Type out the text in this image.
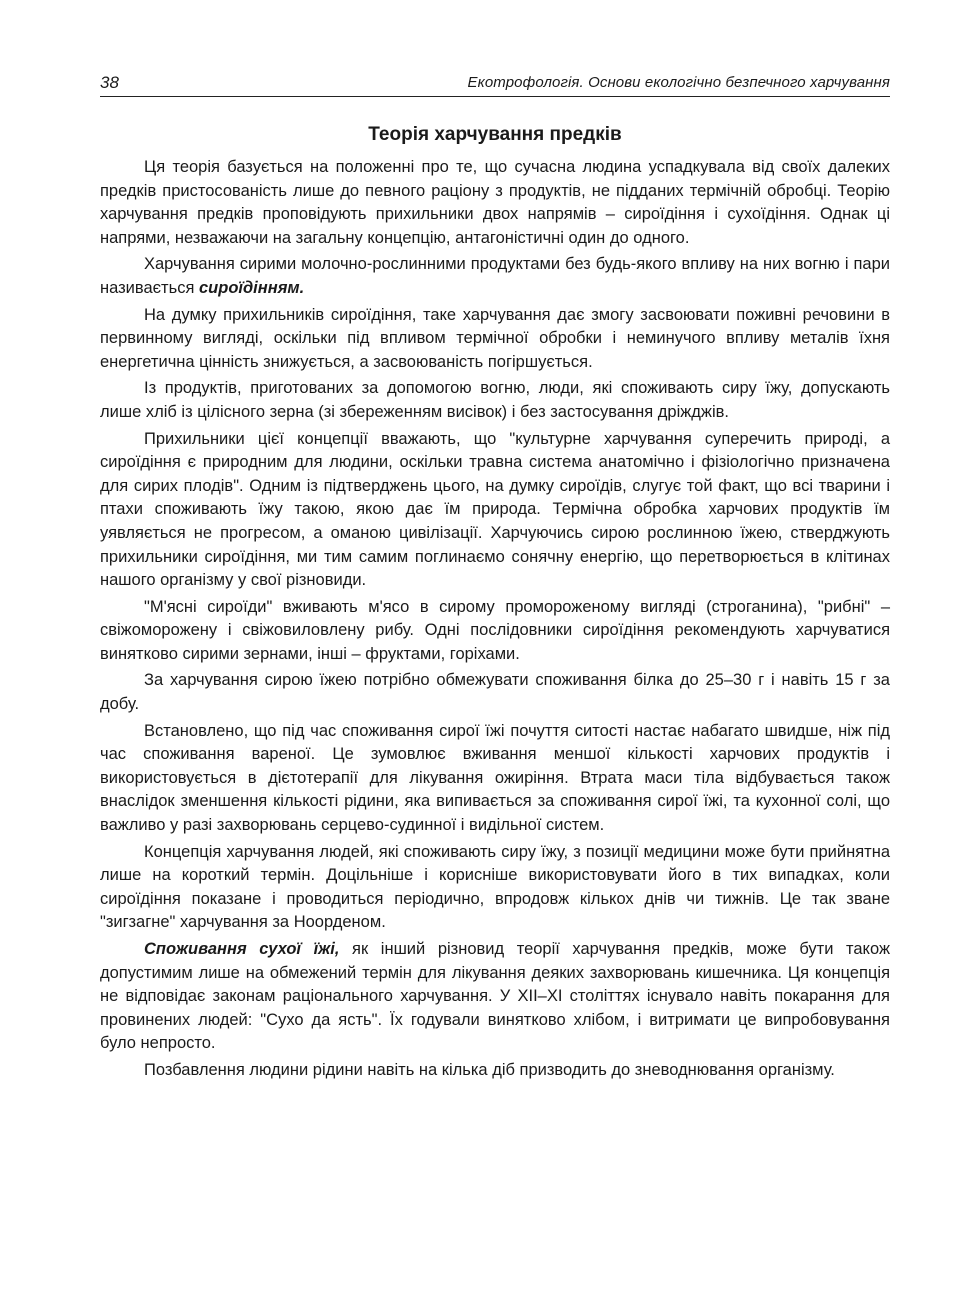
38	Екотрофологія. Основи екологічно безпечного харчування
Теорія харчування предків

Ця теорія базується на положенні про те, що сучасна людина успадкувала від своїх далеких предків пристосованість лише до певного раціону з продуктів, не підданих термічній обробці. Теорію харчування предків проповідують прихильники двох напрямів – сироїдіння і сухоїдіння. Однак ці напрями, незважаючи на загальну концепцію, антагоністичні один до одного.

Харчування сирими молочно-рослинними продуктами без будь-якого впливу на них вогню і пари називається сироїдінням.

На думку прихильників сироїдіння, таке харчування дає змогу засвоювати поживні речовини в первинному вигляді, оскільки під впливом термічної обробки і неминучого впливу металів їхня енергетична цінність знижується, а засвоюваність погіршується.

Із продуктів, приготованих за допомогою вогню, люди, які споживають сиру їжу, допускають лише хліб із цілісного зерна (зі збереженням висівок) і без застосування дріжджів.

Прихильники цієї концепції вважають, що "культурне харчування суперечить природі, а сироїдіння є природним для людини, оскільки травна система анатомічно і фізіологічно призначена для сирих плодів". Одним із підтверджень цього, на думку сироїдів, слугує той факт, що всі тварини і птахи споживають їжу такою, якою дає їм природа. Термічна обробка харчових продуктів їм уявляється не прогресом, а оманою цивілізації. Харчуючись сирою рослинною їжею, стверджують прихильники сироїдіння, ми тим самим поглинаємо сонячну енергію, що перетворюється в клітинах нашого організму у свої різновиди.

"М'ясні сироїди" вживають м'ясо в сирому промороженому вигляді (строганина), "рибні" – свіжоморожену і свіжовиловлену рибу. Одні послідовники сироїдіння рекомендують харчуватися винятково сирими зернами, інші – фруктами, горіхами.

За харчування сирою їжею потрібно обмежувати споживання білка до 25–30 г і навіть 15 г за добу.

Встановлено, що під час споживання сирої їжі почуття ситості настає набагато швидше, ніж під час споживання вареної. Це зумовлює вживання меншої кількості харчових продуктів і використовується в дієтотерапії для лікування ожиріння. Втрата маси тіла відбувається також внаслідок зменшення кількості рідини, яка випивається за споживання сирої їжі, та кухонної солі, що важливо у разі захворювань серцево-судинної і видільної систем.

Концепція харчування людей, які споживають сиру їжу, з позиції медицини може бути прийнятна лише на короткий термін. Доцільніше і корисніше використовувати його в тих випадках, коли сироїдіння показане і проводиться періодично, впродовж кількох днів чи тижнів. Це так зване "зигзагне" харчування за Ноорденом.

Споживання сухої їжі, як інший різновид теорії харчування предків, може бути також допустимим лише на обмежений термін для лікування деяких захворювань кишечника. Ця концепція не відповідає законам раціонального харчування. У XII–XI століттях існувало навіть покарання для провинених людей: "Сухо да ясть". Їх годували винятково хлібом, і витримати це випробовування було непросто.

Позбавлення людини рідини навіть на кілька діб призводить до зневоднювання організму.
